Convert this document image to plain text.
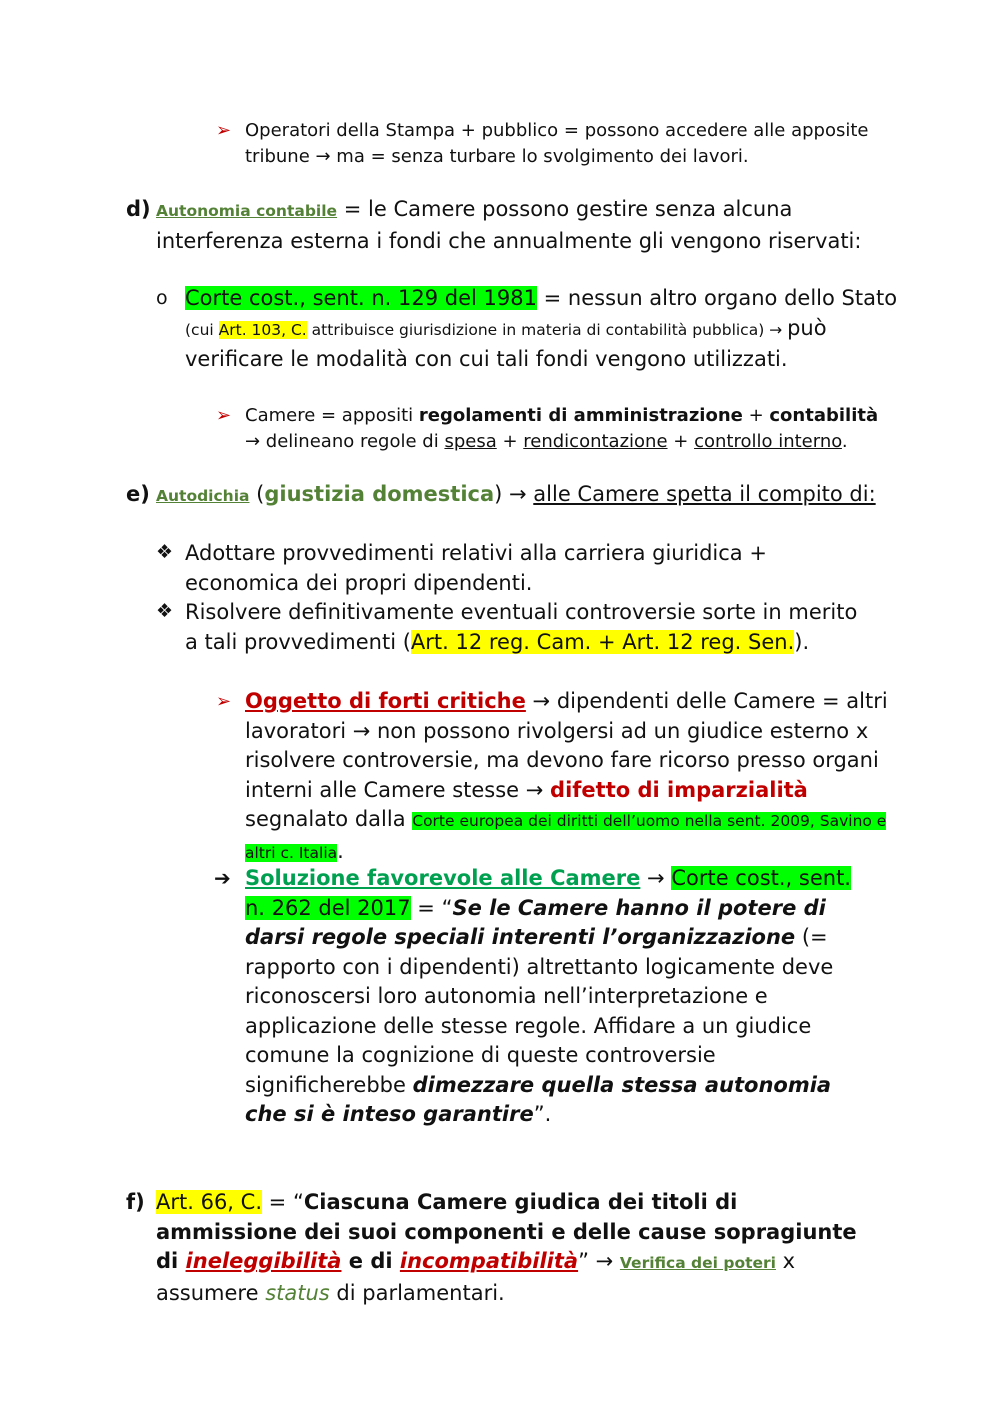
➢ Operatori della Stampa + pubblico = possono accedere alle apposite tribune → ma = senza turbare lo svolgimento dei lavori.
d) Autonomia contabile = le Camere possono gestire senza alcuna interferenza esterna i fondi che annualmente gli vengono riservati:
o Corte cost., sent. n. 129 del 1981 = nessun altro organo dello Stato (cui Art. 103, C. attribuisce giurisdizione in materia di contabilità pubblica) → può verificare le modalità con cui tali fondi vengono utilizzati.
➢ Camere = appositi regolamenti di amministrazione + contabilità → delineano regole di spesa + rendicontazione + controllo interno.
e) Autodichia (giustizia domestica) → alle Camere spetta il compito di:
❖ Adottare provvedimenti relativi alla carriera giuridica + economica dei propri dipendenti.
❖ Risolvere definitivamente eventuali controversie sorte in merito a tali provvedimenti (Art. 12 reg. Cam. + Art. 12 reg. Sen.).
➢ Oggetto di forti critiche → dipendenti delle Camere = altri lavoratori → non possono rivolgersi ad un giudice esterno x risolvere controversie, ma devono fare ricorso presso organi interni alle Camere stesse → difetto di imparzialità segnalato dalla Corte europea dei diritti dell’uomo nella sent. 2009, Savino e altri c. Italia.
➔ Soluzione favorevole alle Camere → Corte cost., sent. n. 262 del 2017 = “Se le Camere hanno il potere di darsi regole speciali interenti l’organizzazione (= rapporto con i dipendenti) altrettanto logicamente deve riconoscersi loro autonomia nell’interpretazione e applicazione delle stesse regole. Affidare a un giudice comune la cognizione di queste controversie significherebbe dimezzare quella stessa autonomia che si è inteso garantire”.
f) Art. 66, C. = “Ciascuna Camere giudica dei titoli di ammissione dei suoi componenti e delle cause sopragiunte di ineleggibilità e di incompatibilità” → Verifica dei poteri x assumere status di parlamentari.
